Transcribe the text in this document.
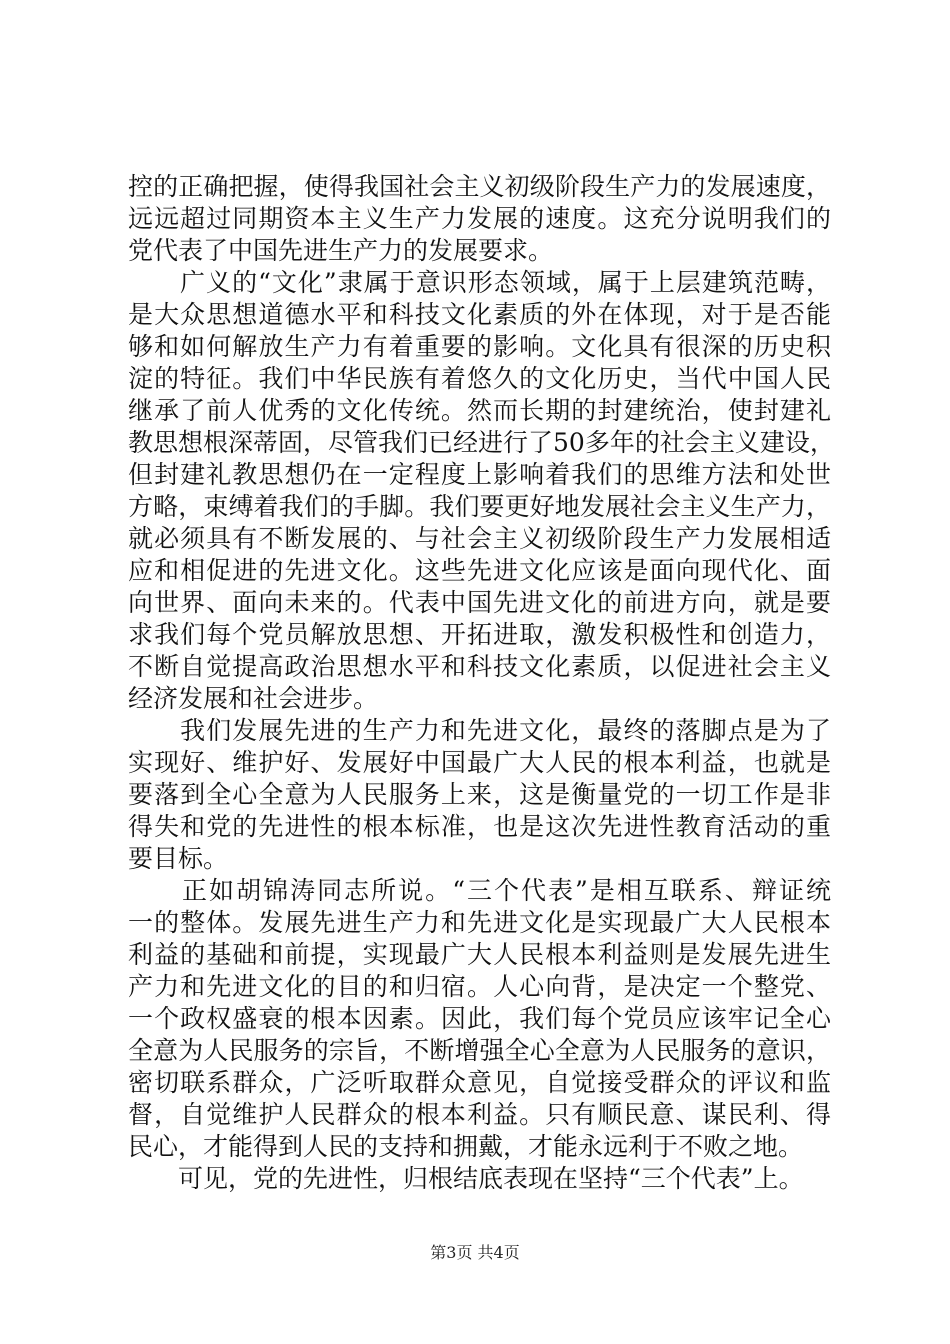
控的正确把握，使得我国社会主义初级阶段生产力的发展速度，
远远超过同期资本主义生产力发展的速度。这充分说明我们的
党代表了中国先进生产力的发展要求。
　　广义的“文化”隶属于意识形态领域，属于上层建筑范畴，
是大众思想道德水平和科技文化素质的外在体现，对于是否能
够和如何解放生产力有着重要的影响。文化具有很深的历史积
淀的特征。我们中华民族有着悠久的文化历史，当代中国人民
继承了前人优秀的文化传统。然而长期的封建统治，使封建礼
教思想根深蒂固，尽管我们已经进行了50多年的社会主义建设，
但封建礼教思想仍在一定程度上影响着我们的思维方法和处世
方略，束缚着我们的手脚。我们要更好地发展社会主义生产力，
就必须具有不断发展的、与社会主义初级阶段生产力发展相适
应和相促进的先进文化。这些先进文化应该是面向现代化、面
向世界、面向未来的。代表中国先进文化的前进方向，就是要
求我们每个党员解放思想、开拓进取，激发积极性和创造力，
不断自觉提高政治思想水平和科技文化素质，以促进社会主义
经济发展和社会进步。
　　我们发展先进的生产力和先进文化，最终的落脚点是为了
实现好、维护好、发展好中国最广大人民的根本利益，也就是
要落到全心全意为人民服务上来，这是衡量党的一切工作是非
得失和党的先进性的根本标准，也是这次先进性教育活动的重
要目标。
　　正如胡锦涛同志所说。“三个代表”是相互联系、辩证统
一的整体。发展先进生产力和先进文化是实现最广大人民根本
利益的基础和前提，实现最广大人民根本利益则是发展先进生
产力和先进文化的目的和归宿。人心向背，是决定一个整党、
一个政权盛衰的根本因素。因此，我们每个党员应该牢记全心
全意为人民服务的宗旨，不断增强全心全意为人民服务的意识，
密切联系群众，广泛听取群众意见，自觉接受群众的评议和监
督，自觉维护人民群众的根本利益。只有顺民意、谋民利、得
民心，才能得到人民的支持和拥戴，才能永远利于不败之地。
　　可见，党的先进性，归根结底表现在坚持“三个代表”上。
第3页 共4页
